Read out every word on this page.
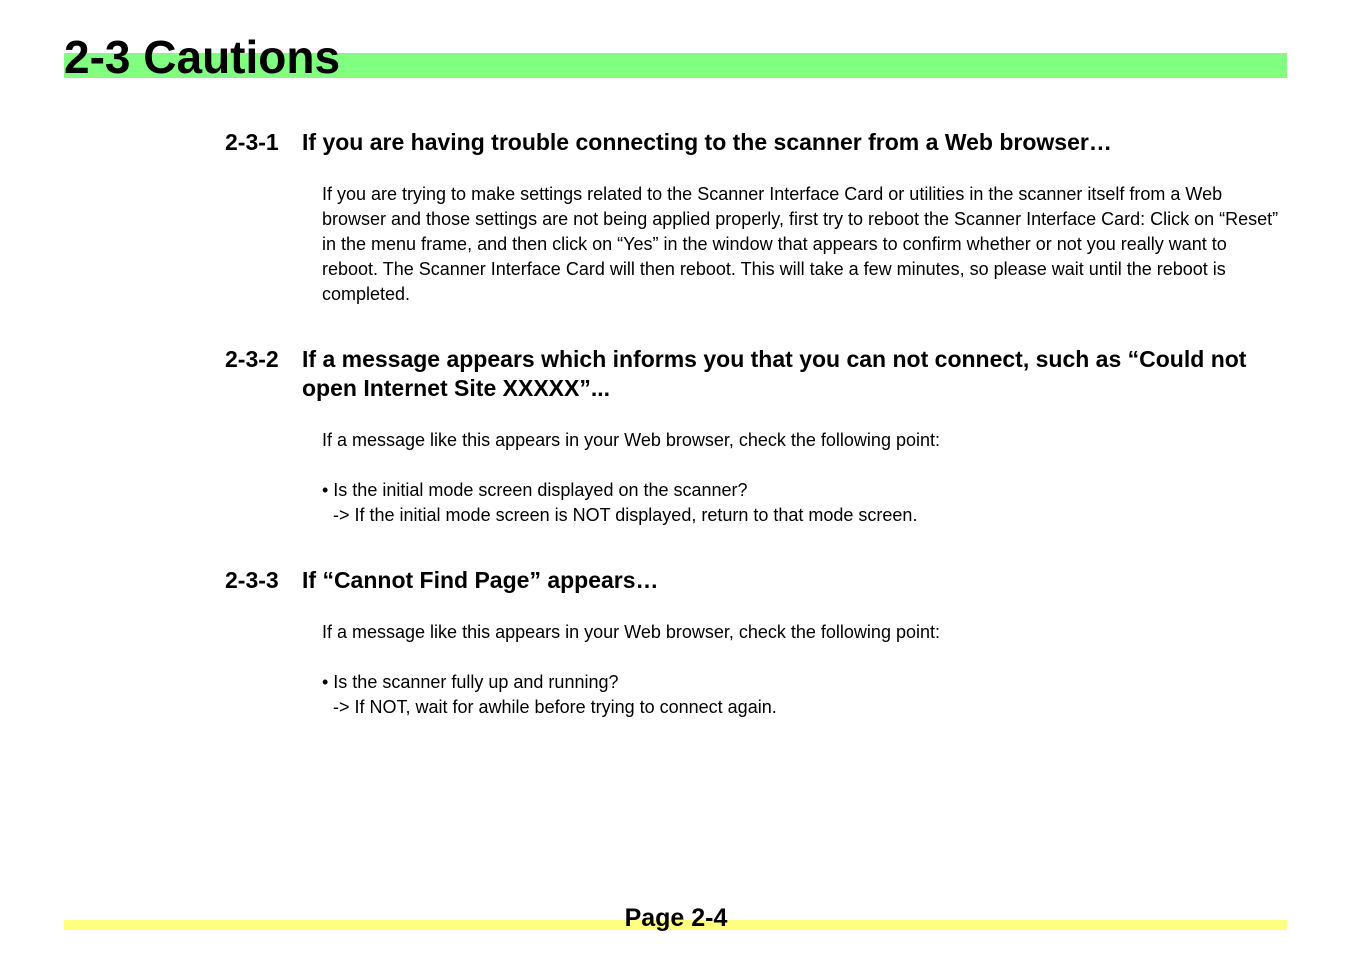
2-3 Cautions
2-3-1	If you are having trouble connecting to the scanner from a Web browser…
If you are trying to make settings related to the Scanner Interface Card or utilities in the scanner itself from a Web browser and those settings are not being applied properly, first try to reboot the Scanner Interface Card: Click on “Reset” in the menu frame, and then click on “Yes” in the window that appears to confirm whether or not you really want to reboot. The Scanner Interface Card will then reboot. This will take a few minutes, so please wait until the reboot is completed.
2-3-2	If a message appears which informs you that you can not connect, such as “Could not open Internet Site XXXXX”...
If a message like this appears in your Web browser, check the following point:
• Is the initial mode screen displayed on the scanner?
-> If the initial mode screen is NOT displayed, return to that mode screen.
2-3-3	If “Cannot Find Page” appears…
If a message like this appears in your Web browser, check the following point:
• Is the scanner fully up and running?
-> If NOT, wait for awhile before trying to connect again.
Page 2-4
